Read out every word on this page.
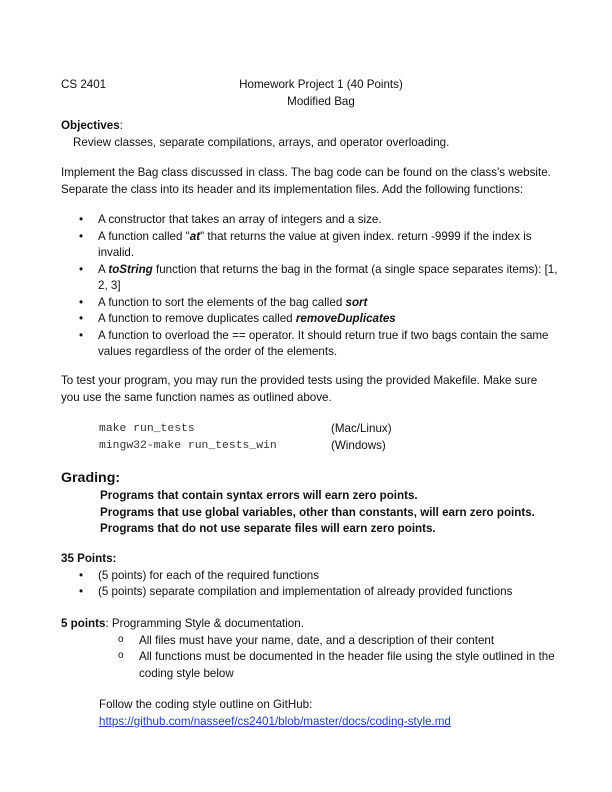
CS 2401	Homework Project 1 (40 Points)
Modified Bag
Objectives:
Review classes, separate compilations, arrays, and operator overloading.
Implement the Bag class discussed in class. The bag code can be found on the class's website.
Separate the class into its header and its implementation files. Add the following functions:
• A constructor that takes an array of integers and a size.
• A function called "at" that returns the value at given index. return -9999 if the index is invalid.
• A toString function that returns the bag in the format (a single space separates items): [1, 2, 3]
• A function to sort the elements of the bag called sort
• A function to remove duplicates called removeDuplicates
• A function to overload the == operator. It should return true if two bags contain the same values regardless of the order of the elements.
To test your program, you may run the provided tests using the provided Makefile. Make sure you use the same function names as outlined above.
make run_tests	(Mac/Linux)
mingw32-make run_tests_win	(Windows)
Grading:
Programs that contain syntax errors will earn zero points.
Programs that use global variables, other than constants, will earn zero points.
Programs that do not use separate files will earn zero points.
35 Points:
• (5 points) for each of the required functions
• (5 points) separate compilation and implementation of already provided functions
5 points: Programming Style & documentation.
o All files must have your name, date, and a description of their content
o All functions must be documented in the header file using the style outlined in the coding style below
Follow the coding style outline on GitHub:
https://github.com/nasseef/cs2401/blob/master/docs/coding-style.md
